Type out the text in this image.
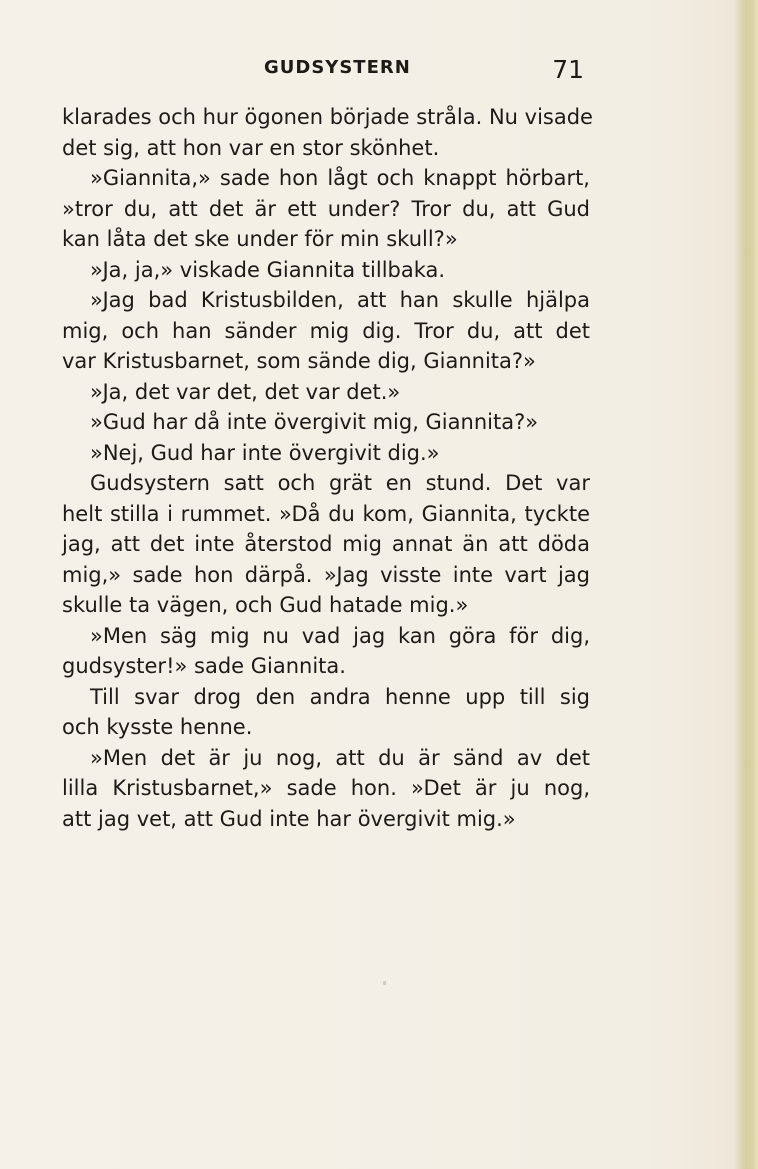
GUDSYSTERN	71
klarades och hur ögonen började stråla. Nu visade
det sig, att hon var en stor skönhet.
»Giannita,» sade hon lågt och knappt hörbart,
»tror du, att det är ett under? Tror du, att Gud
kan låta det ske under för min skull?»
»Ja, ja,» viskade Giannita tillbaka.
»Jag bad Kristusbilden, att han skulle hjälpa
mig, och han sänder mig dig. Tror du, att det
var Kristusbarnet, som sände dig, Giannita?»
»Ja, det var det, det var det.»
»Gud har då inte övergivit mig, Giannita?»
»Nej, Gud har inte övergivit dig.»
Gudsystern satt och grät en stund. Det var
helt stilla i rummet. »Då du kom, Giannita, tyckte
jag, att det inte återstod mig annat än att döda
mig,» sade hon därpå. »Jag visste inte vart jag
skulle ta vägen, och Gud hatade mig.»
»Men säg mig nu vad jag kan göra för dig,
gudsyster!» sade Giannita.
Till svar drog den andra henne upp till sig
och kysste henne.
»Men det är ju nog, att du är sänd av det
lilla Kristusbarnet,» sade hon. »Det är ju nog,
att jag vet, att Gud inte har övergivit mig.»
